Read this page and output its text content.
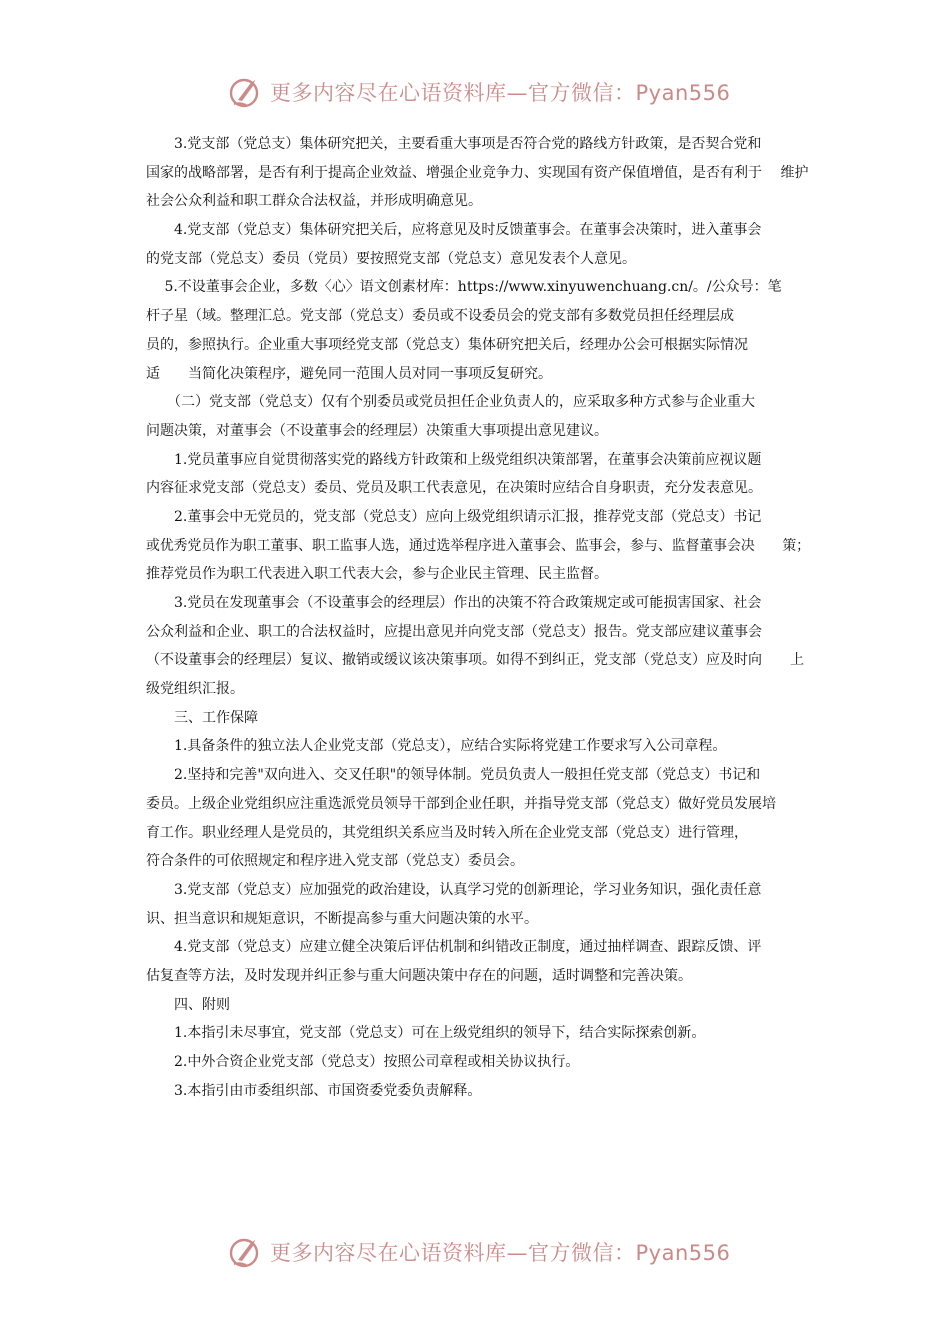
更多内容尽在心语资料库—官方微信：Pyan556

　　3.党支部（党总支）集体研究把关，主要看重大事项是否符合党的路线方针政策，是否契合党和

国家的战略部署，是否有利于提高企业效益、增强企业竞争力、实现国有资产保值增值，是否有利于　 维护

社会公众利益和职工群众合法权益，并形成明确意见。

　　4.党支部（党总支）集体研究把关后，应将意见及时反馈董事会。在董事会决策时，进入董事会

的党支部（党总支）委员（党员）要按照党支部（党总支）意见发表个人意见。

　 5.不设董事会企业，多数〈心〉语文创素材库：https://www.xinyuwenchuang.cn/。/公众号：笔

杆子星（域。整理汇总。党支部（党总支）委员或不设委员会的党支部有多数党员担任经理层成

员的，参照执行。企业重大事项经党支部（党总支）集体研究把关后，经理办公会可根据实际情况

适　　当简化决策程序，避免同一范围人员对同一事项反复研究。

　　（二）党支部（党总支）仅有个别委员或党员担任企业负责人的，应采取多种方式参与企业重大

问题决策，对董事会（不设董事会的经理层）决策重大事项提出意见建议。

　　1.党员董事应自觉贯彻落实党的路线方针政策和上级党组织决策部署，在董事会决策前应视议题

内容征求党支部（党总支）委员、党员及职工代表意见，在决策时应结合自身职责，充分发表意见。

　　2.董事会中无党员的，党支部（党总支）应向上级党组织请示汇报，推荐党支部（党总支）书记

或优秀党员作为职工董事、职工监事人选，通过选举程序进入董事会、监事会，参与、监督董事会决　　策；

推荐党员作为职工代表进入职工代表大会，参与企业民主管理、民主监督。

　　3.党员在发现董事会（不设董事会的经理层）作出的决策不符合政策规定或可能损害国家、社会

公众利益和企业、职工的合法权益时，应提出意见并向党支部（党总支）报告。党支部应建议董事会

（不设董事会的经理层）复议、撤销或缓议该决策事项。如得不到纠正，党支部（党总支）应及时向　　上

级党组织汇报。

　　三、工作保障

　　1.具备条件的独立法人企业党支部（党总支），应结合实际将党建工作要求写入公司章程。

　　2.坚持和完善"双向进入、交叉任职"的领导体制。党员负责人一般担任党支部（党总支）书记和

委员。上级企业党组织应注重选派党员领导干部到企业任职，并指导党支部（党总支）做好党员发展培

育工作。职业经理人是党员的，其党组织关系应当及时转入所在企业党支部（党总支）进行管理，

符合条件的可依照规定和程序进入党支部（党总支）委员会。

　　3.党支部（党总支）应加强党的政治建设，认真学习党的创新理论，学习业务知识，强化责任意

识、担当意识和规矩意识，不断提高参与重大问题决策的水平。

　　4.党支部（党总支）应建立健全决策后评估机制和纠错改正制度，通过抽样调查、跟踪反馈、评

估复查等方法，及时发现并纠正参与重大问题决策中存在的问题，适时调整和完善决策。

　　四、附则

　　1.本指引未尽事宜，党支部（党总支）可在上级党组织的领导下，结合实际探索创新。

　　2.中外合资企业党支部（党总支）按照公司章程或相关协议执行。

　　3.本指引由市委组织部、市国资委党委负责解释。

更多内容尽在心语资料库—官方微信：Pyan556
